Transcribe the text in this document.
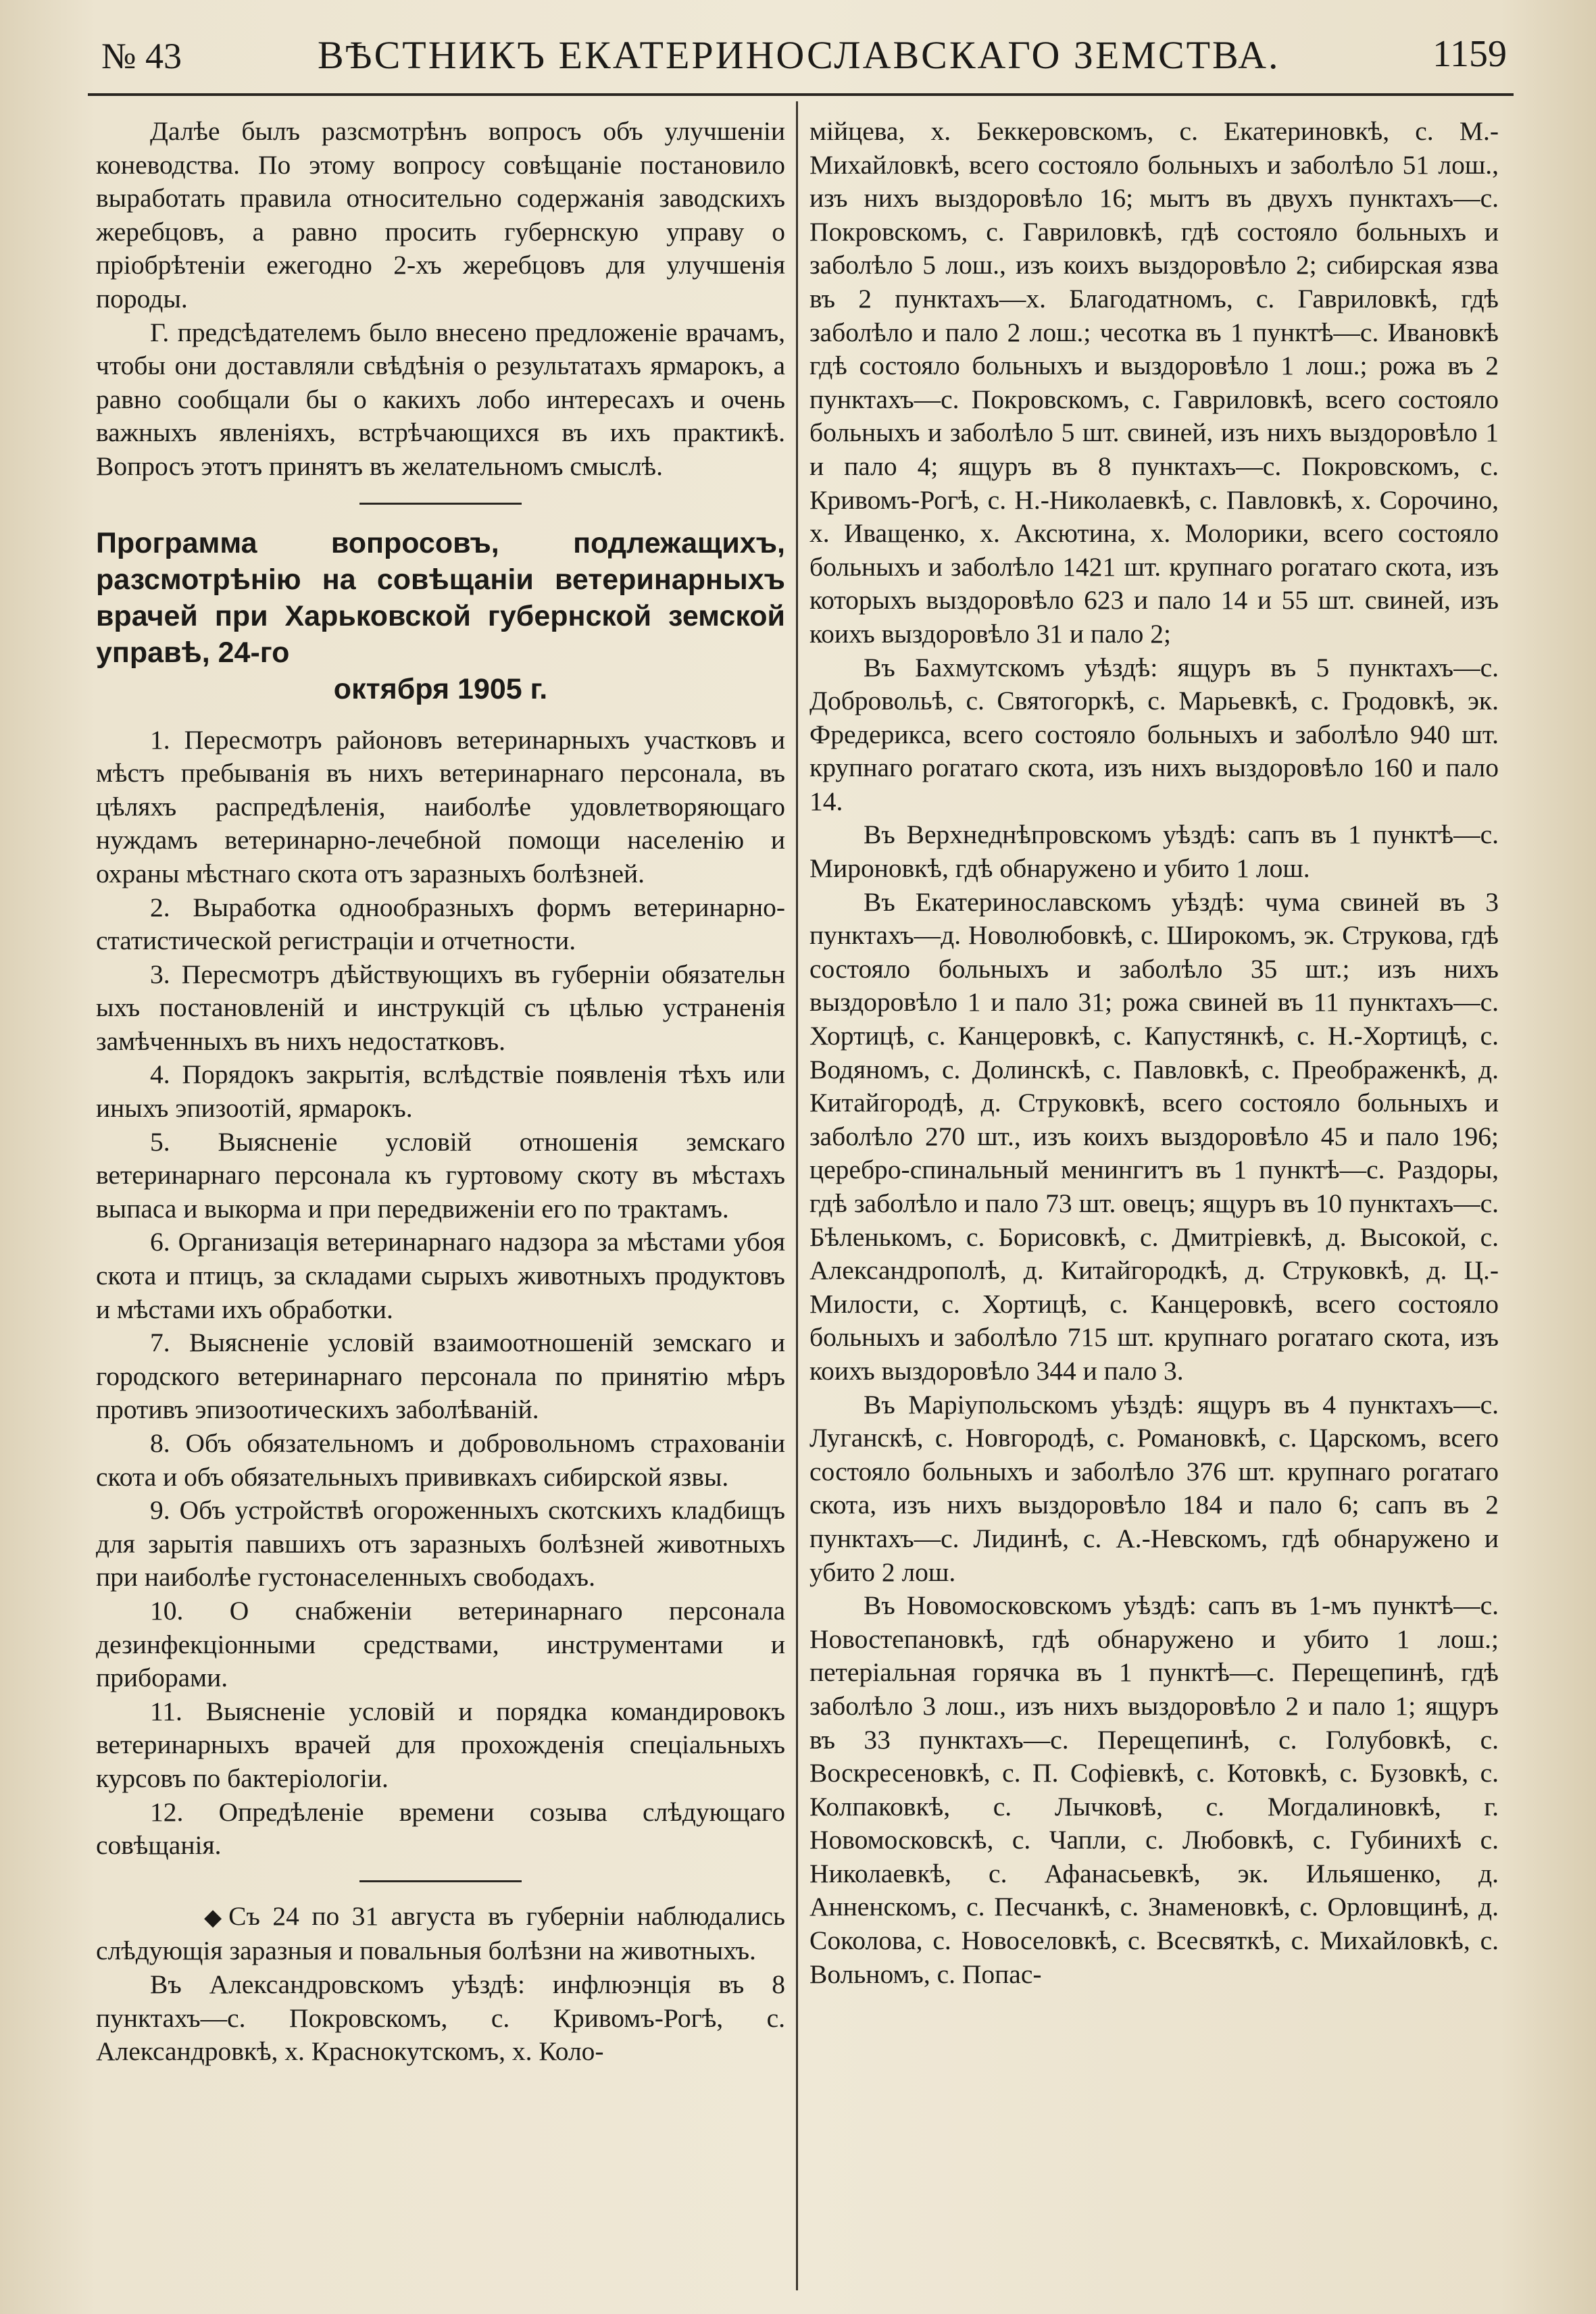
№ 43	ВѢСТНИКЪ ЕКАТЕРИНОСЛАВСКАГО ЗЕМСТВА.	1159

Далѣе былъ разсмотрѣнъ вопросъ объ улучшеніи коневодства. По этому вопросу совѣщаніе постановило выработать правила относительно содержанія заводскихъ жеребцовъ, а равно просить губернскую управу о пріобрѣтеніи ежегодно 2-хъ жеребцовъ для улучшенія породы.

Г. предсѣдателемъ было внесено предложеніе врачамъ, чтобы они доставляли свѣдѣнія о результатахъ ярмарокъ, а равно сообщали бы о какихъ лобо интересахъ и очень важныхъ явленіяхъ, встрѣчающихся въ ихъ практикѣ. Вопросъ этотъ принятъ въ желательномъ смыслѣ.

Программа вопросовъ, подлежащихъ, разсмотрѣнію на совѣщаніи ветеринарныхъ врачей при Харьковской губернской земской управѣ, 24-го
октября 1905 г.

1. Пересмотръ районовъ ветеринарныхъ участковъ и мѣстъ пребыванія въ нихъ ветеринарнаго персонала, въ цѣляхъ распредѣленія, наиболѣе удовлетворяющаго нуждамъ ветеринарно-лечебной помощи населенію и охраны мѣстнаго скота отъ заразныхъ болѣзней.

2. Выработка однообразныхъ формъ ветеринарно-статистической регистраціи и отчетности.

3. Пересмотръ дѣйствующихъ въ губерніи обязательн ыхъ постановленій и инструкцій съ цѣлью устраненія замѣченныхъ въ нихъ недостатковъ.

4. Порядокъ закрытія, вслѣдствіе появленія тѣхъ или иныхъ эпизоотій, ярмарокъ.

5. Выясненіе условій отношенія земскаго ветеринарнаго персонала къ гуртовому скоту въ мѣстахъ выпаса и выкорма и при передвиженіи его по трактамъ.

6. Организація ветеринарнаго надзора за мѣстами убоя скота и птицъ, за складами сырыхъ животныхъ продуктовъ и мѣстами ихъ обработки.

7. Выясненіе условій взаимоотношеній земскаго и городского ветеринарнаго персонала по принятію мѣръ противъ эпизоотическихъ заболѣваній.

8. Объ обязательномъ и добровольномъ страхованіи скота и объ обязательныхъ прививкахъ сибирской язвы.

9. Объ устройствѣ огороженныхъ скотскихъ кладбищъ для зарытія павшихъ отъ заразныхъ болѣзней животныхъ при наиболѣе густонаселенныхъ свободахъ.

10. О снабженіи ветеринарнаго персонала дезинфекціонными средствами, инструментами и приборами.

11. Выясненіе условій и порядка командировокъ ветеринарныхъ врачей для прохожденія спеціальныхъ курсовъ по бактеріологіи.

12. Опредѣленіе времени созыва слѣдующаго совѣщанія.

◆ Съ 24 по 31 августа въ губерніи наблюдались слѣдующія заразныя и повальныя болѣзни на животныхъ.

Въ Александровскомъ уѣздѣ: инфлюэнція въ 8 пунктахъ—с. Покровскомъ, с. Кривомъ-Рогѣ, с. Александровкѣ, х. Краснокутскомъ, х. Коло-

мійцева, х. Беккеровскомъ, с. Екатериновкѣ, с. М.-Михайловкѣ, всего состояло больныхъ и заболѣло 51 лош., изъ нихъ выздоровѣло 16; мытъ въ двухъ пунктахъ—с. Покровскомъ, с. Гавриловкѣ, гдѣ состояло больныхъ и заболѣло 5 лош., изъ коихъ выздоровѣло 2; сибирская язва въ 2 пунктахъ—х. Благодатномъ, с. Гавриловкѣ, гдѣ заболѣло и пало 2 лош.; чесотка въ 1 пунктѣ—с. Ивановкѣ гдѣ состояло больныхъ и выздоровѣло 1 лош.; рожа въ 2 пунктахъ—с. Покровскомъ, с. Гавриловкѣ, всего состояло больныхъ и заболѣло 5 шт. свиней, изъ нихъ выздоровѣло 1 и пало 4; ящуръ въ 8 пунктахъ—с. Покровскомъ, с. Кривомъ-Рогѣ, с. Н.-Николаевкѣ, с. Павловкѣ, х. Сорочино, х. Иващенко, х. Аксютина, х. Молорики, всего состояло больныхъ и заболѣло 1421 шт. крупнаго рогатаго скота, изъ которыхъ выздоровѣло 623 и пало 14 и 55 шт. свиней, изъ коихъ выздоровѣло 31 и пало 2;

Въ Бахмутскомъ уѣздѣ: ящуръ въ 5 пунктахъ—с. Добровольѣ, с. Святогоркѣ, с. Марьевкѣ, с. Гродовкѣ, эк. Фредерикса, всего состояло больныхъ и заболѣло 940 шт. крупнаго рогатаго скота, изъ нихъ выздоровѣло 160 и пало 14.

Въ Верхнеднѣпровскомъ уѣздѣ: сапъ въ 1 пунктѣ—с. Мироновкѣ, гдѣ обнаружено и убито 1 лош.

Въ Екатеринославскомъ уѣздѣ: чума свиней въ 3 пунктахъ—д. Новолюбовкѣ, с. Широкомъ, эк. Струкова, гдѣ состояло больныхъ и заболѣло 35 шт.; изъ нихъ выздоровѣло 1 и пало 31; рожа свиней въ 11 пунктахъ—с. Хортицѣ, с. Канцеровкѣ, с. Капустянкѣ, с. Н.-Хортицѣ, с. Водяномъ, с. Долинскѣ, с. Павловкѣ, с. Преображенкѣ, д. Китайгородѣ, д. Струковкѣ, всего состояло больныхъ и заболѣло 270 шт., изъ коихъ выздоровѣло 45 и пало 196; церебро-спинальный менингитъ въ 1 пунктѣ—с. Раздоры, гдѣ заболѣло и пало 73 шт. овецъ; ящуръ въ 10 пунктахъ—с. Бѣленькомъ, с. Борисовкѣ, с. Дмитріевкѣ, д. Высокой, с. Александрополѣ, д. Китайгородкѣ, д. Струковкѣ, д. Ц.-Милости, с. Хортицѣ, с. Канцеровкѣ, всего состояло больныхъ и заболѣло 715 шт. крупнаго рогатаго скота, изъ коихъ выздоровѣло 344 и пало 3.

Въ Маріупольскомъ уѣздѣ: ящуръ въ 4 пунктахъ—с. Луганскѣ, с. Новгородѣ, с. Романовкѣ, с. Царскомъ, всего состояло больныхъ и заболѣло 376 шт. крупнаго рогатаго скота, изъ нихъ выздоровѣло 184 и пало 6; сапъ въ 2 пунктахъ—с. Лидинѣ, с. А.-Невскомъ, гдѣ обнаружено и убито 2 лош.

Въ Новомосковскомъ уѣздѣ: сапъ въ 1-мъ пунктѣ—с. Новостепановкѣ, гдѣ обнаружено и убито 1 лош.; петеріальная горячка въ 1 пунктѣ—с. Перещепинѣ, гдѣ заболѣло 3 лош., изъ нихъ выздоровѣло 2 и пало 1; ящуръ въ 33 пунктахъ—с. Перещепинѣ, с. Голубовкѣ, с. Воскресеновкѣ, с. П. Софіевкѣ, с. Котовкѣ, с. Бузовкѣ, с. Колпаковкѣ, с. Лычковѣ, с. Могдалиновкѣ, г. Новомосковскѣ, с. Чапли, с. Любовкѣ, с. Губинихѣ с. Николаевкѣ, с. Афанасьевкѣ, эк. Ильяшенко, д. Анненскомъ, с. Песчанкѣ, с. Знаменовкѣ, с. Орловщинѣ, д. Соколова, с. Новоселовкѣ, с. Всесвяткѣ, с. Михайловкѣ, с. Вольномъ, с. Попас-
